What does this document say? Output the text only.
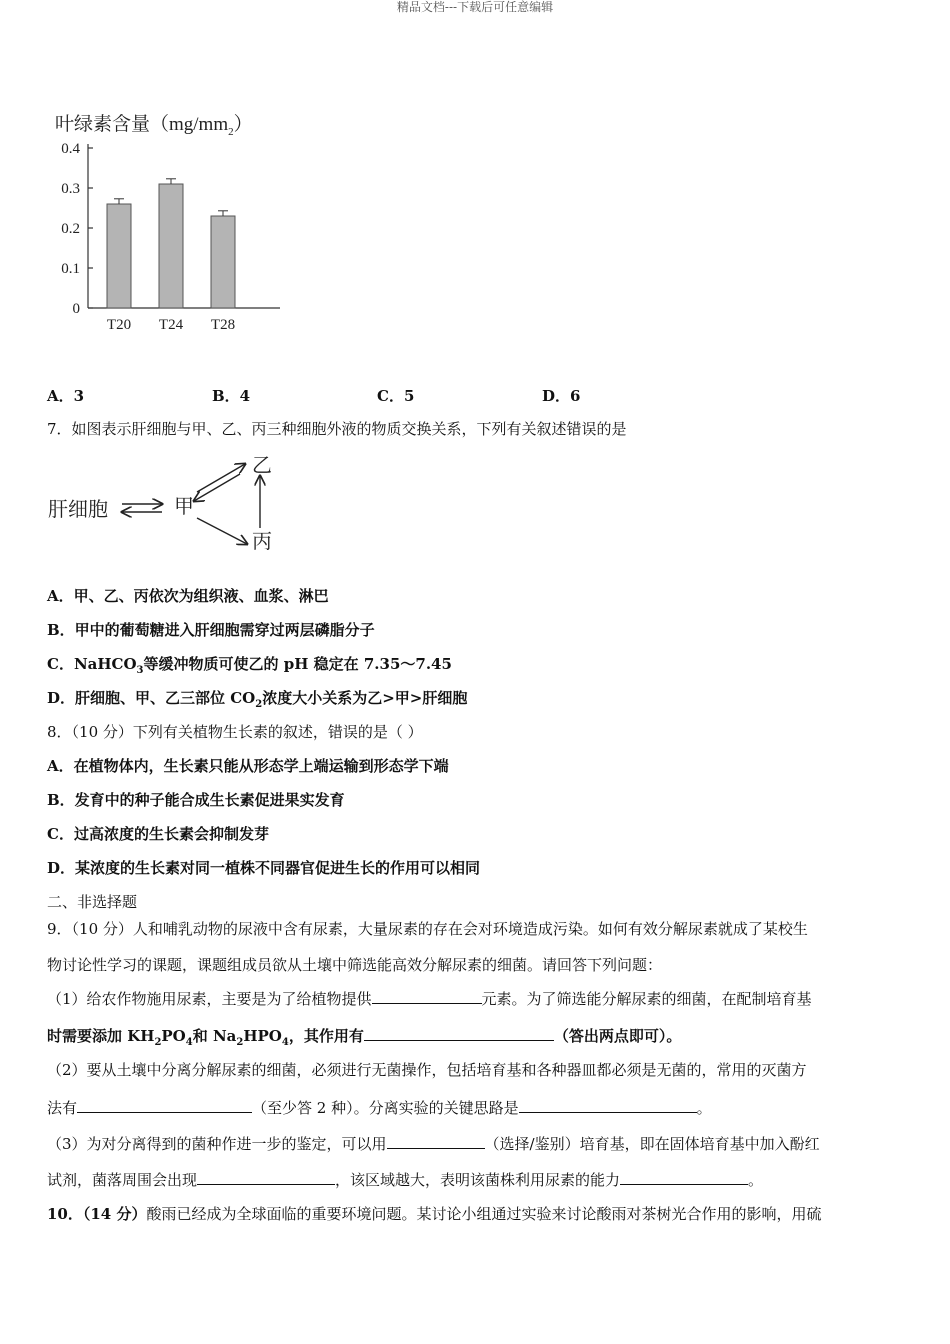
精品文档---下载后可任意编辑
叶绿素含量$(mg/mm_2)$
0
0.1
0.2
0.3
0.4
T20 T24 T28
A．3	B．4	C．5	D．6
7．如图表示肝细胞与甲、乙、丙三种细胞外液的物质交换关系，下列有关叙述错误的是
肝细胞	甲
乙
丙
A．甲、乙、丙依次为组织液、血浆、淋巴
B．甲中的葡萄糖进入肝细胞需穿过两层磷脂分子
C．NaHCO$_3$等缓冲物质可使乙的 pH 稳定在 7.35～7.45
D．肝细胞、甲、乙三部位 $CO_2$浓度大小关系为乙>甲>肝细胞
8．（10 分）下列有关植物生长素的叙述，错误的是（ ）
A．在植物体内，生长素只能从形态学上端运输到形态学下端
B．发育中的种子能合成生长素促进果实发育
C．过高浓度的生长素会抑制发芽
D．某浓度的生长素对同一植株不同器官促进生长的作用可以相同
二、非选择题
9．（10 分）人和哺乳动物的尿液中含有尿素，大量尿素的存在会对环境造成污染。如何有效分解尿素就成了某校生
物讨论性学习的课题，课题组成员欲从土壤中筛选能高效分解尿素的细菌。请回答下列问题：
（1）给农作物施用尿素，主要是为了给植物提供	元素。为了筛选能分解尿素的细菌，在配制培育基
时需要添加 $KH_2PO_4$和 $Na_2HPO_4$，其作用有	（答出两点即可）。
（2）要从土壤中分离分解尿素的细菌，必须进行无菌操作，包括培育基和各种器皿都必须是无菌的，常用的灭菌方
法有	（至少答 2 种）。分离实验的关键思路是	。
（3）为对分离得到的菌种作进一步的鉴定，可以用	（选择/鉴别）培育基，即在固体培育基中加入酚红
试剂，菌落周围会出现	，该区域越大，表明该菌株利用尿素的能力	。
10．（14 分）酸雨已经成为全球面临的重要环境问题。某讨论小组通过实验来讨论酸雨对茶树光合作用的影响，用硫
